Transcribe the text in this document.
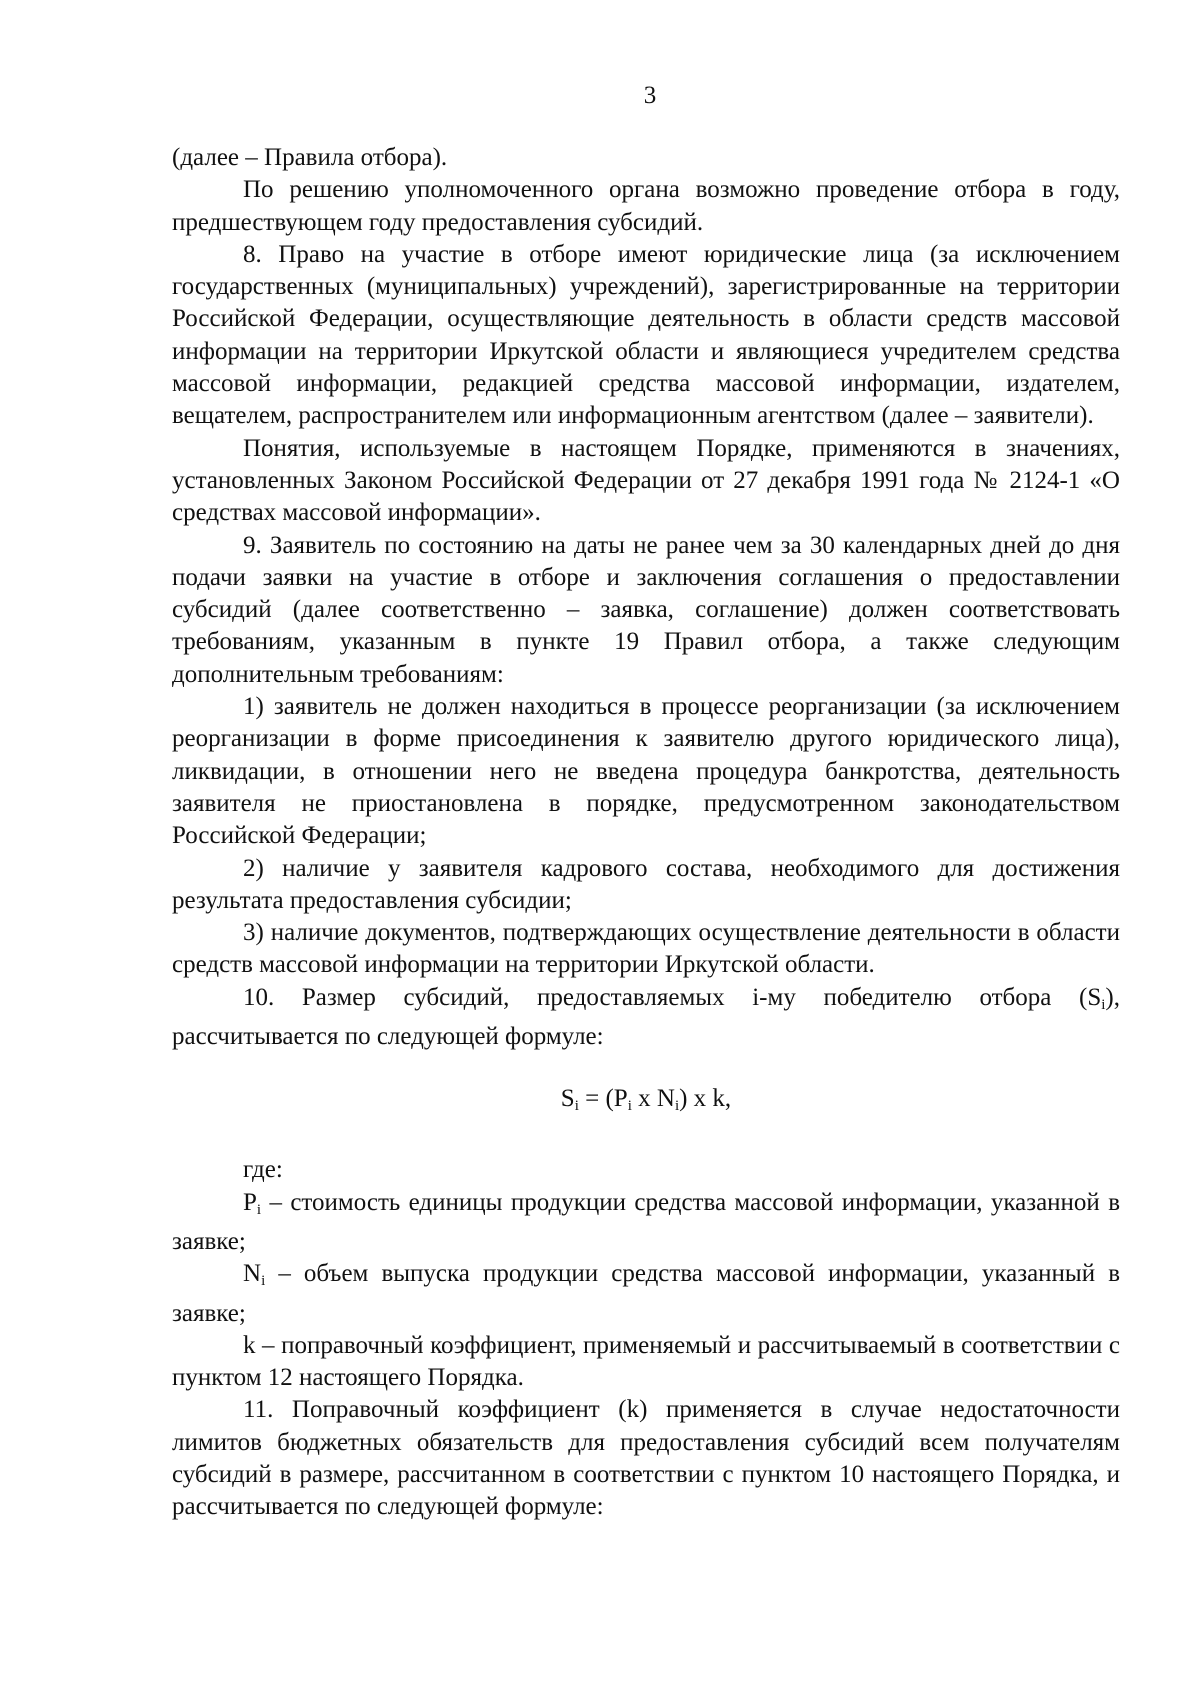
3

(далее – Правила отбора).

По решению уполномоченного органа возможно проведение отбора в году, предшествующем году предоставления субсидий.

8. Право на участие в отборе имеют юридические лица (за исключением государственных (муниципальных) учреждений), зарегистрированные на территории Российской Федерации, осуществляющие деятельность в области средств массовой информации на территории Иркутской области и являющиеся учредителем средства массовой информации, редакцией средства массовой информации, издателем, вещателем, распространителем или информационным агентством (далее – заявители).

Понятия, используемые в настоящем Порядке, применяются в значениях, установленных Законом Российской Федерации от 27 декабря 1991 года № 2124-1 «О средствах массовой информации».

9. Заявитель по состоянию на даты не ранее чем за 30 календарных дней до дня подачи заявки на участие в отборе и заключения соглашения о предоставлении субсидий (далее соответственно – заявка, соглашение) должен соответствовать требованиям, указанным в пункте 19 Правил отбора, а также следующим дополнительным требованиям:

1) заявитель не должен находиться в процессе реорганизации (за исключением реорганизации в форме присоединения к заявителю другого юридического лица), ликвидации, в отношении него не введена процедура банкротства, деятельность заявителя не приостановлена в порядке, предусмотренном законодательством Российской Федерации;

2) наличие у заявителя кадрового состава, необходимого для достижения результата предоставления субсидии;

3) наличие документов, подтверждающих осуществление деятельности в области средств массовой информации на территории Иркутской области.

10. Размер субсидий, предоставляемых i-му победителю отбора $(S_i)$, рассчитывается по следующей формуле:

$S_i = (P_i$ x $N_i$) x k,

где:

$P_i$ – стоимость единицы продукции средства массовой информации, указанной в заявке;

$N_i$ – объем выпуска продукции средства массовой информации, указанный в заявке;

k – поправочный коэффициент, применяемый и рассчитываемый в соответствии с пунктом 12 настоящего Порядка.

11. Поправочный коэффициент (k) применяется в случае недостаточности лимитов бюджетных обязательств для предоставления субсидий всем получателям субсидий в размере, рассчитанном в соответствии с пунктом 10 настоящего Порядка, и рассчитывается по следующей формуле:
